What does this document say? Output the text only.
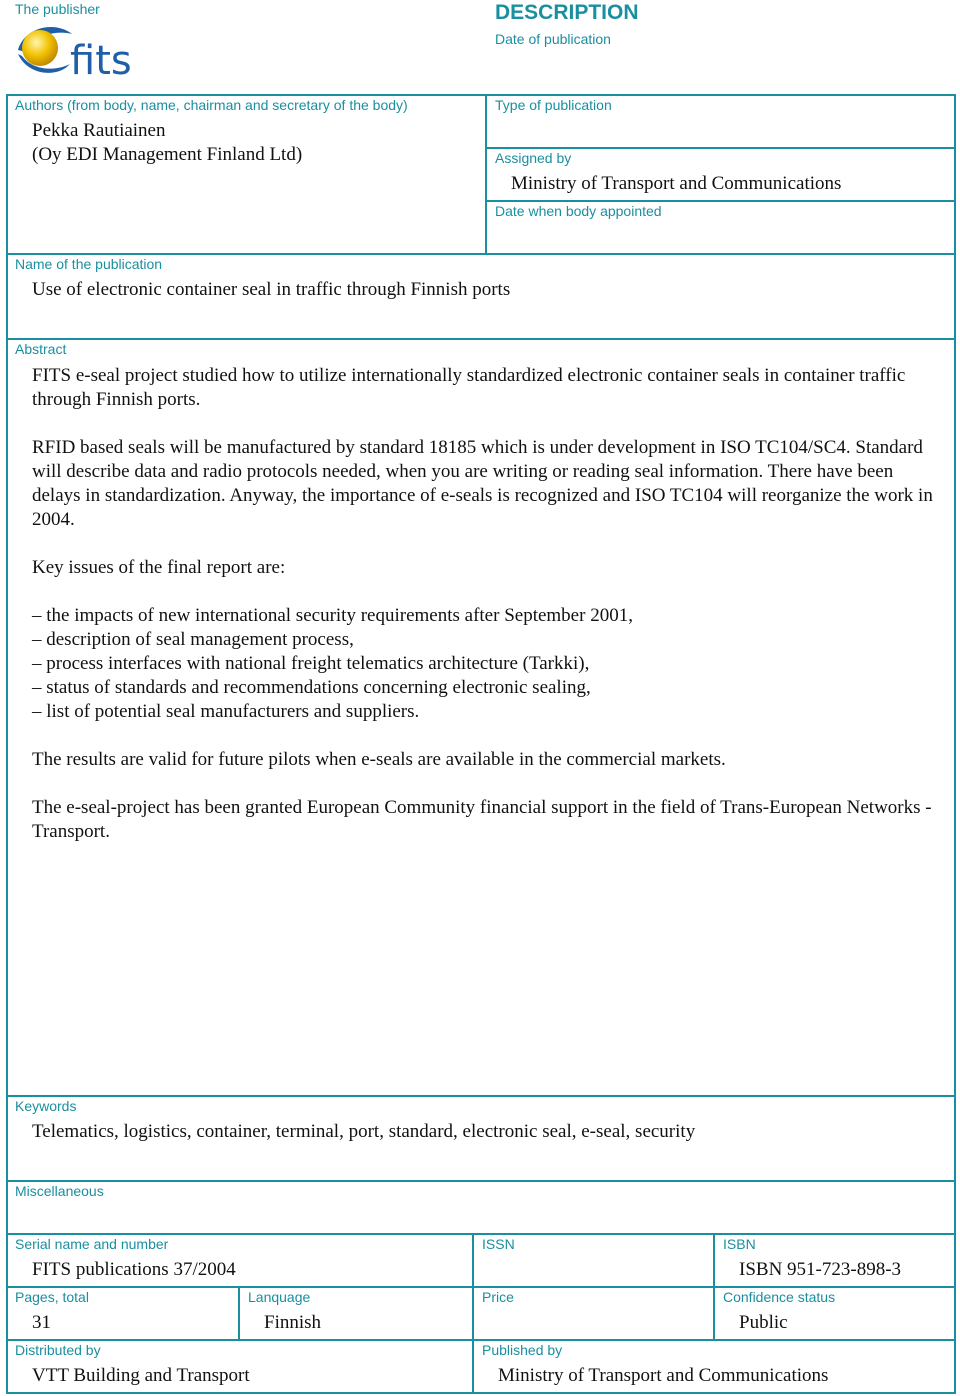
The publisher
fits
DESCRIPTION
Date of publication
Authors (from body, name, chairman and secretary of the body)
Pekka Rautiainen
(Oy EDI Management Finland Ltd)
Type of publication
Assigned by
Ministry of Transport and Communications
Date when body appointed
Name of the publication
Use of electronic container seal in traffic through Finnish ports
Abstract

FITS e-seal project studied how to utilize internationally standardized electronic container seals in container traffic through Finnish ports.

RFID based seals will be manufactured by standard 18185 which is under development in ISO TC104/SC4. Standard will describe data and radio protocols needed, when you are writing or reading seal information. There have been delays in standardization. Anyway, the importance of e-seals is recognized and ISO TC104 will reorganize the work in 2004.

Key issues of the final report are:

– the impacts of new international security requirements after September 2001,
– description of seal management process,
– process interfaces with national freight telematics architecture (Tarkki),
– status of standards and recommendations concerning electronic sealing,
– list of potential seal manufacturers and suppliers.

The results are valid for future pilots when e-seals are available in the commercial markets.

The e-seal-project has been granted European Community financial support in the field of Trans-European Networks - Transport.

Keywords
Telematics, logistics, container, terminal, port, standard, electronic seal, e-seal, security
Miscellaneous
Serial name and number
FITS publications 37/2004
ISSN	ISBN
ISBN 951-723-898-3
Pages, total
31
Lanquage
Finnish
Price	Confidence status
Public
Distributed by
VTT Building and Transport
Published by
Ministry of Transport and Communications
